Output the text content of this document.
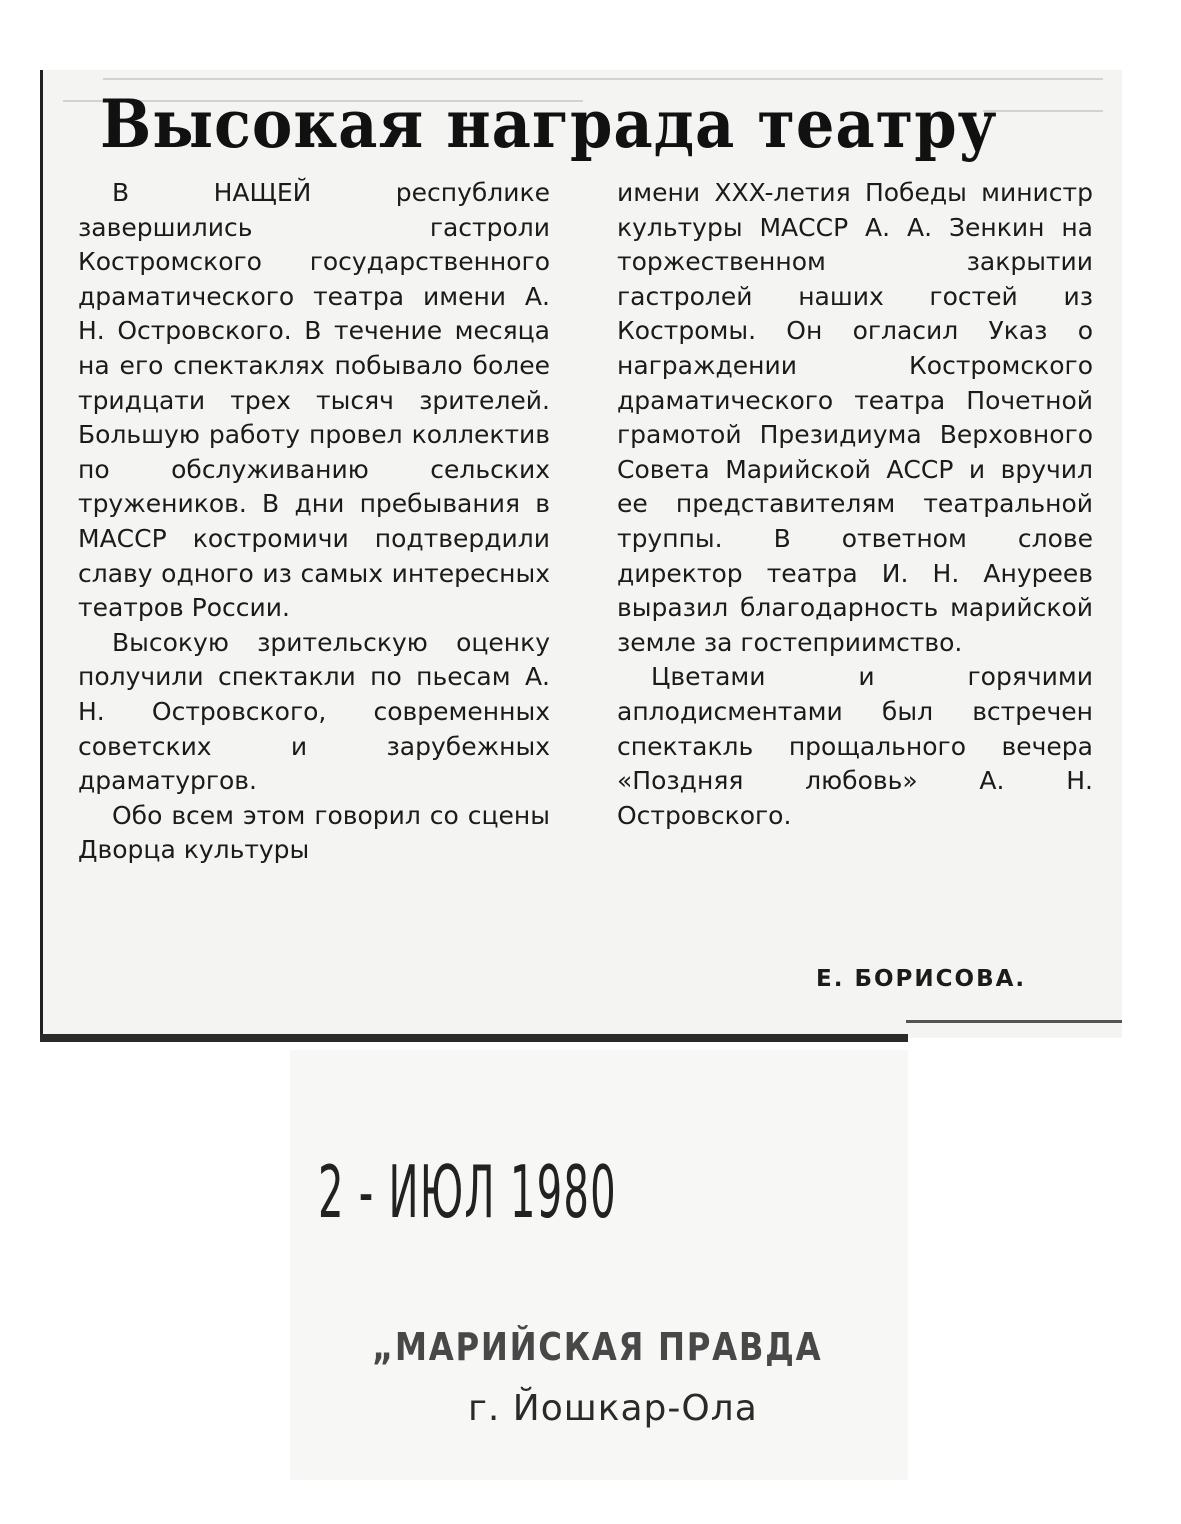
Высокая награда театру

В НАЩЕЙ республике завершились гастроли Костромского государственного драматического театра имени А. Н. Островского. В течение месяца на его спектаклях побывало более тридцати трех тысяч зрителей. Большую работу провел коллектив по обслуживанию сельских тружеников. В дни пребывания в МАССР костромичи подтвердили славу одного из самых интересных театров России.

Высокую зрительскую оценку получили спектакли по пьесам А. Н. Островского, современных советских и зарубежных драматургов.

Обо всем этом говорил со сцены Дворца культуры

имени XXX-летия Победы министр культуры МАССР А. А. Зенкин на торжественном закрытии гастролей наших гостей из Костромы. Он огласил Указ о награждении Костромского драматического театра Почетной грамотой Президиума Верховного Совета Марийской АССР и вручил ее представителям театральной труппы. В ответном слове директор театра И. Н. Ануреев выразил благодарность марийской земле за гостеприимство.

Цветами и горячими аплодисментами был встречен спектакль прощального вечера «Поздняя любовь» А. Н. Островского.

Е. БОРИСОВА.

2 - ИЮЛ 1980

„МАРИЙСКАЯ ПРАВДА

г. Йошкар-Ола
